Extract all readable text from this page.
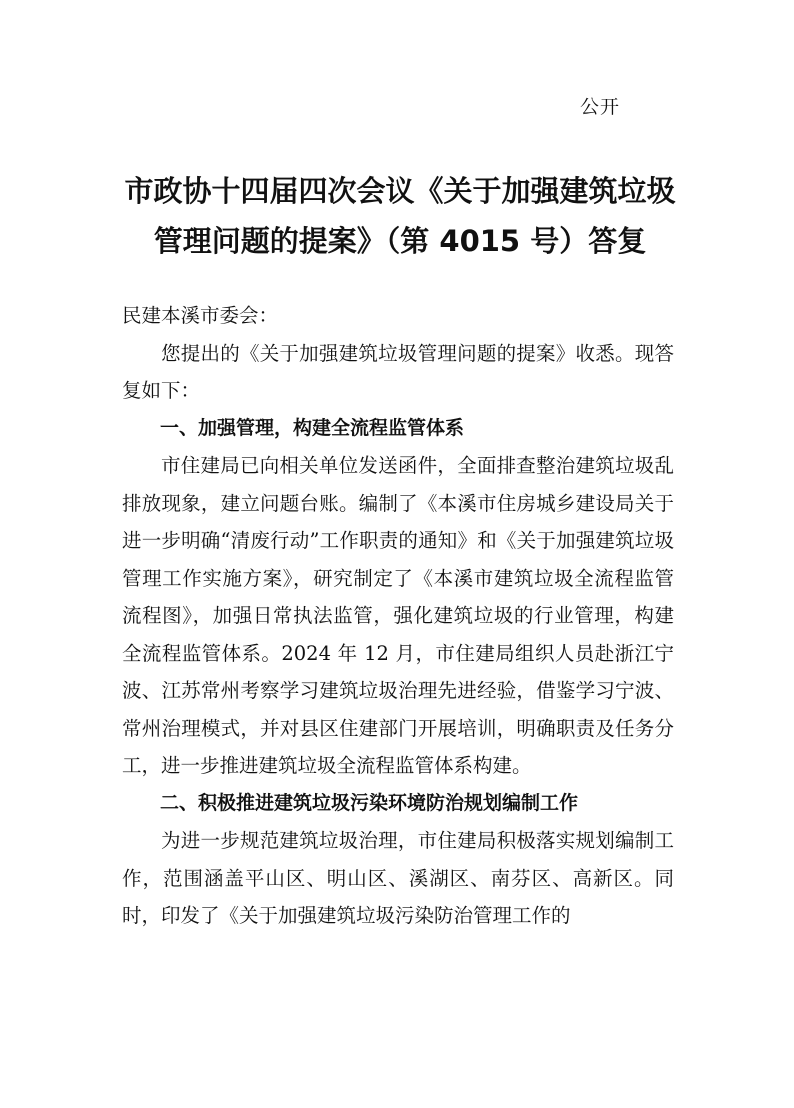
公开
市政协十四届四次会议《关于加强建筑垃圾
管理问题的提案》（第 4015 号）答复

民建本溪市委会：

您提出的《关于加强建筑垃圾管理问题的提案》收悉。现答复如下：

一、加强管理，构建全流程监管体系

市住建局已向相关单位发送函件，全面排查整治建筑垃圾乱排放现象，建立问题台账。编制了《本溪市住房城乡建设局关于进一步明确“清废行动”工作职责的通知》和《关于加强建筑垃圾管理工作实施方案》，研究制定了《本溪市建筑垃圾全流程监管流程图》，加强日常执法监管，强化建筑垃圾的行业管理，构建全流程监管体系。2024 年 12 月，市住建局组织人员赴浙江宁波、江苏常州考察学习建筑垃圾治理先进经验，借鉴学习宁波、常州治理模式，并对县区住建部门开展培训，明确职责及任务分工，进一步推进建筑垃圾全流程监管体系构建。

二、积极推进建筑垃圾污染环境防治规划编制工作

为进一步规范建筑垃圾治理，市住建局积极落实规划编制工作，范围涵盖平山区、明山区、溪湖区、南芬区、高新区。同时，印发了《关于加强建筑垃圾污染防治管理工作的
